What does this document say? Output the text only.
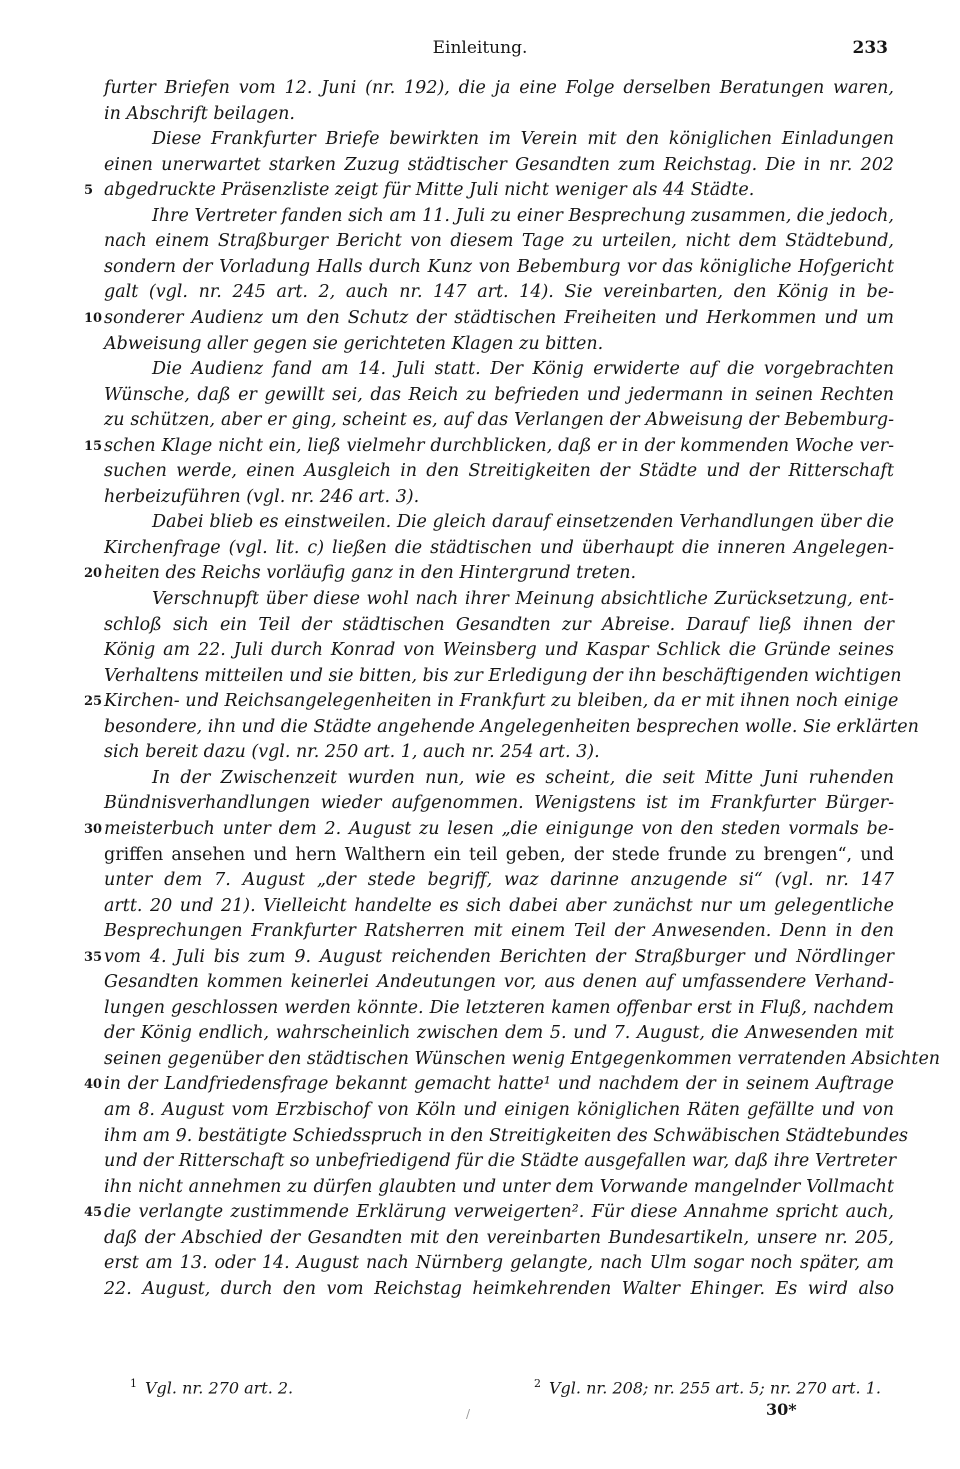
Einleitung.	233
furter Briefen vom 12. Juni (nr. 192), die ja eine Folge derselben Beratungen waren,
in Abschrift beilagen.
Diese Frankfurter Briefe bewirkten im Verein mit den königlichen Einladungen
einen unerwartet starken Zuzug städtischer Gesandten zum Reichstag. Die in nr. 202
abgedruckte Präsenzliste zeigt für Mitte Juli nicht weniger als 44 Städte.
Ihre Vertreter fanden sich am 11. Juli zu einer Besprechung zusammen, die jedoch,
nach einem Straßburger Bericht von diesem Tage zu urteilen, nicht dem Städtebund,
sondern der Vorladung Halls durch Kunz von Bebemburg vor das königliche Hofgericht
galt (vgl. nr. 245 art. 2, auch nr. 147 art. 14). Sie vereinbarten, den König in be-
sonderer Audienz um den Schutz der städtischen Freiheiten und Herkommen und um
Abweisung aller gegen sie gerichteten Klagen zu bitten.
Die Audienz fand am 14. Juli statt. Der König erwiderte auf die vorgebrachten
Wünsche, daß er gewillt sei, das Reich zu befrieden und jedermann in seinen Rechten
zu schützen, aber er ging, scheint es, auf das Verlangen der Abweisung der Bebemburg-
schen Klage nicht ein, ließ vielmehr durchblicken, daß er in der kommenden Woche ver-
suchen werde, einen Ausgleich in den Streitigkeiten der Städte und der Ritterschaft
herbeizuführen (vgl. nr. 246 art. 3).
Dabei blieb es einstweilen. Die gleich darauf einsetzenden Verhandlungen über die
Kirchenfrage (vgl. lit. c) ließen die städtischen und überhaupt die inneren Angelegen-
heiten des Reichs vorläufig ganz in den Hintergrund treten.
Verschnupft über diese wohl nach ihrer Meinung absichtliche Zurücksetzung, ent-
schloß sich ein Teil der städtischen Gesandten zur Abreise. Darauf ließ ihnen der
König am 22. Juli durch Konrad von Weinsberg und Kaspar Schlick die Gründe seines
Verhaltens mitteilen und sie bitten, bis zur Erledigung der ihn beschäftigenden wichtigen
Kirchen- und Reichsangelegenheiten in Frankfurt zu bleiben, da er mit ihnen noch einige
besondere, ihn und die Städte angehende Angelegenheiten besprechen wolle. Sie erklärten
sich bereit dazu (vgl. nr. 250 art. 1, auch nr. 254 art. 3).
In der Zwischenzeit wurden nun, wie es scheint, die seit Mitte Juni ruhenden
Bündnisverhandlungen wieder aufgenommen. Wenigstens ist im Frankfurter Bürger-
meisterbuch unter dem 2. August zu lesen „die einigunge von den steden vormals be-
griffen ansehen und hern Walthern ein teil geben, der stede frunde zu brengen“, und
unter dem 7. August „der stede begriff, waz darinne anzugende si“ (vgl. nr. 147
artt. 20 und 21). Vielleicht handelte es sich dabei aber zunächst nur um gelegentliche
Besprechungen Frankfurter Ratsherren mit einem Teil der Anwesenden. Denn in den
vom 4. Juli bis zum 9. August reichenden Berichten der Straßburger und Nördlinger
Gesandten kommen keinerlei Andeutungen vor, aus denen auf umfassendere Verhand-
lungen geschlossen werden könnte. Die letzteren kamen offenbar erst in Fluß, nachdem
der König endlich, wahrscheinlich zwischen dem 5. und 7. August, die Anwesenden mit
seinen gegenüber den städtischen Wünschen wenig Entgegenkommen verratenden Absichten
in der Landfriedensfrage bekannt gemacht hatte¹ und nachdem der in seinem Auftrage
am 8. August vom Erzbischof von Köln und einigen königlichen Räten gefällte und von
ihm am 9. bestätigte Schiedsspruch in den Streitigkeiten des Schwäbischen Städtebundes
und der Ritterschaft so unbefriedigend für die Städte ausgefallen war, daß ihre Vertreter
ihn nicht annehmen zu dürfen glaubten und unter dem Vorwande mangelnder Vollmacht
die verlangte zustimmende Erklärung verweigerten². Für diese Annahme spricht auch,
daß der Abschied der Gesandten mit den vereinbarten Bundesartikeln, unsere nr. 205,
erst am 13. oder 14. August nach Nürnberg gelangte, nach Ulm sogar noch später, am
22. August, durch den vom Reichstag heimkehrenden Walter Ehinger. Es wird also
5
10
15
20
25
30
35
40
45
$^1$ Vgl. nr. 270 art. 2.	$^2$ Vgl. nr. 208; nr. 255 art. 5; nr. 270 art. 1.
30*
/
